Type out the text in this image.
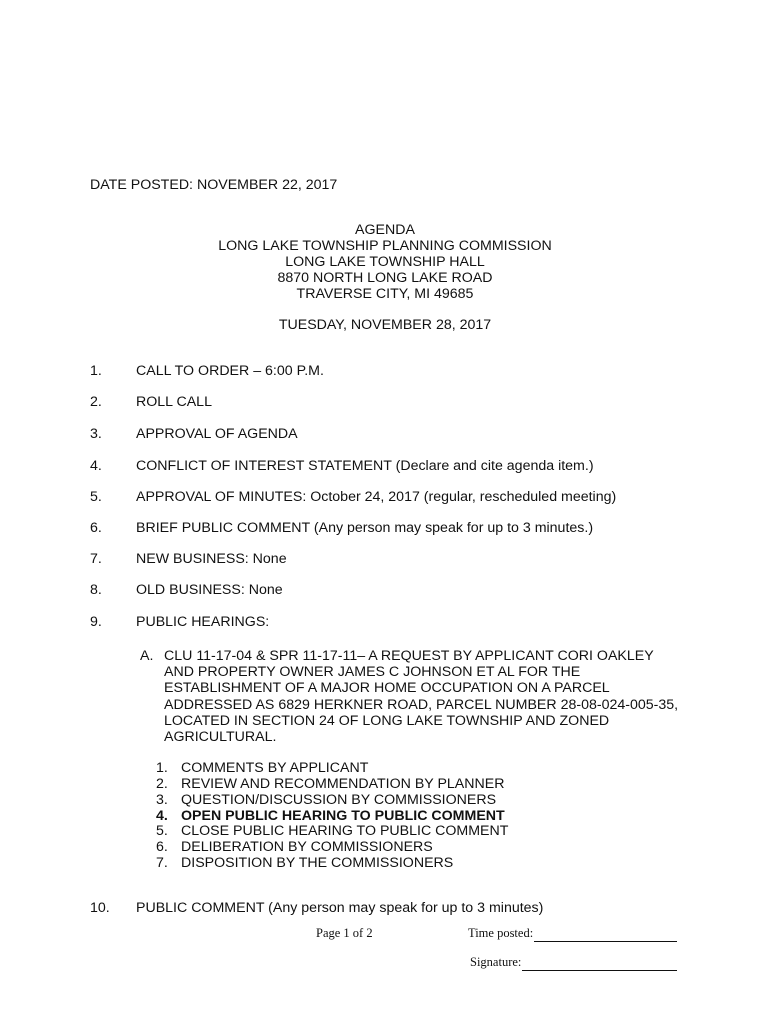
DATE POSTED: NOVEMBER 22, 2017
AGENDA
LONG LAKE TOWNSHIP PLANNING COMMISSION
LONG LAKE TOWNSHIP HALL
8870 NORTH LONG LAKE ROAD
TRAVERSE CITY, MI 49685
TUESDAY, NOVEMBER 28, 2017
1. CALL TO ORDER – 6:00 P.M.
2. ROLL CALL
3. APPROVAL OF AGENDA
4. CONFLICT OF INTEREST STATEMENT (Declare and cite agenda item.)
5. APPROVAL OF MINUTES: October 24, 2017 (regular, rescheduled meeting)
6. BRIEF PUBLIC COMMENT (Any person may speak for up to 3 minutes.)
7. NEW BUSINESS: None
8. OLD BUSINESS: None
9. PUBLIC HEARINGS:
A. CLU 11-17-04 & SPR 11-17-11– A REQUEST BY APPLICANT CORI OAKLEY
AND PROPERTY OWNER JAMES C JOHNSON ET AL FOR THE
ESTABLISHMENT OF A MAJOR HOME OCCUPATION ON A PARCEL
ADDRESSED AS 6829 HERKNER ROAD, PARCEL NUMBER 28-08-024-005-35,
LOCATED IN SECTION 24 OF LONG LAKE TOWNSHIP AND ZONED
AGRICULTURAL.
1. COMMENTS BY APPLICANT
2. REVIEW AND RECOMMENDATION BY PLANNER
3. QUESTION/DISCUSSION BY COMMISSIONERS
4. OPEN PUBLIC HEARING TO PUBLIC COMMENT
5. CLOSE PUBLIC HEARING TO PUBLIC COMMENT
6. DELIBERATION BY COMMISSIONERS
7. DISPOSITION BY THE COMMISSIONERS
10. PUBLIC COMMENT (Any person may speak for up to 3 minutes)
Page 1 of 2	Time posted:
Signature:
